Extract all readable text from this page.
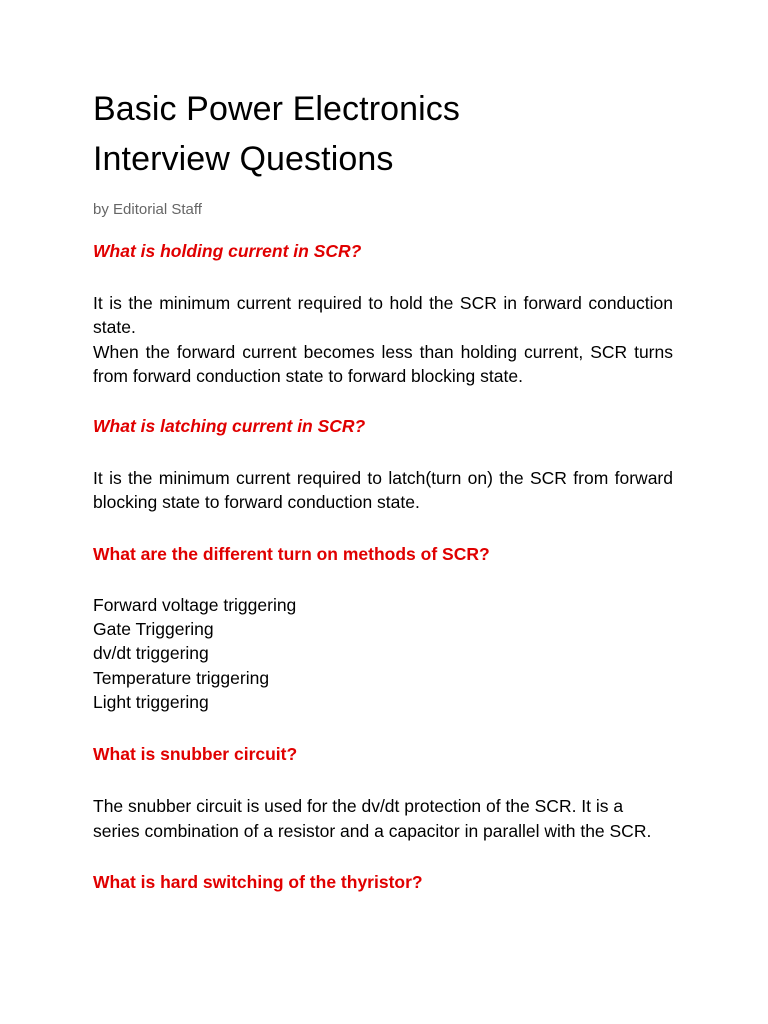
Basic Power Electronics
Interview Questions
by Editorial Staff

What is holding current in SCR?

It is the minimum current required to hold the SCR in forward conduction state.
When the forward current becomes less than holding current, SCR turns from forward conduction state to forward blocking state.

What is latching current in SCR?

It is the minimum current required to latch(turn on) the SCR from forward blocking state to forward conduction state.

What are the different turn on methods of SCR?

Forward voltage triggering
Gate Triggering
dv/dt triggering
Temperature triggering
Light triggering

What is snubber circuit?

The snubber circuit is used for the dv/dt protection of the SCR. It is a series combination of a resistor and a capacitor in parallel with the SCR.

What is hard switching of the thyristor?
